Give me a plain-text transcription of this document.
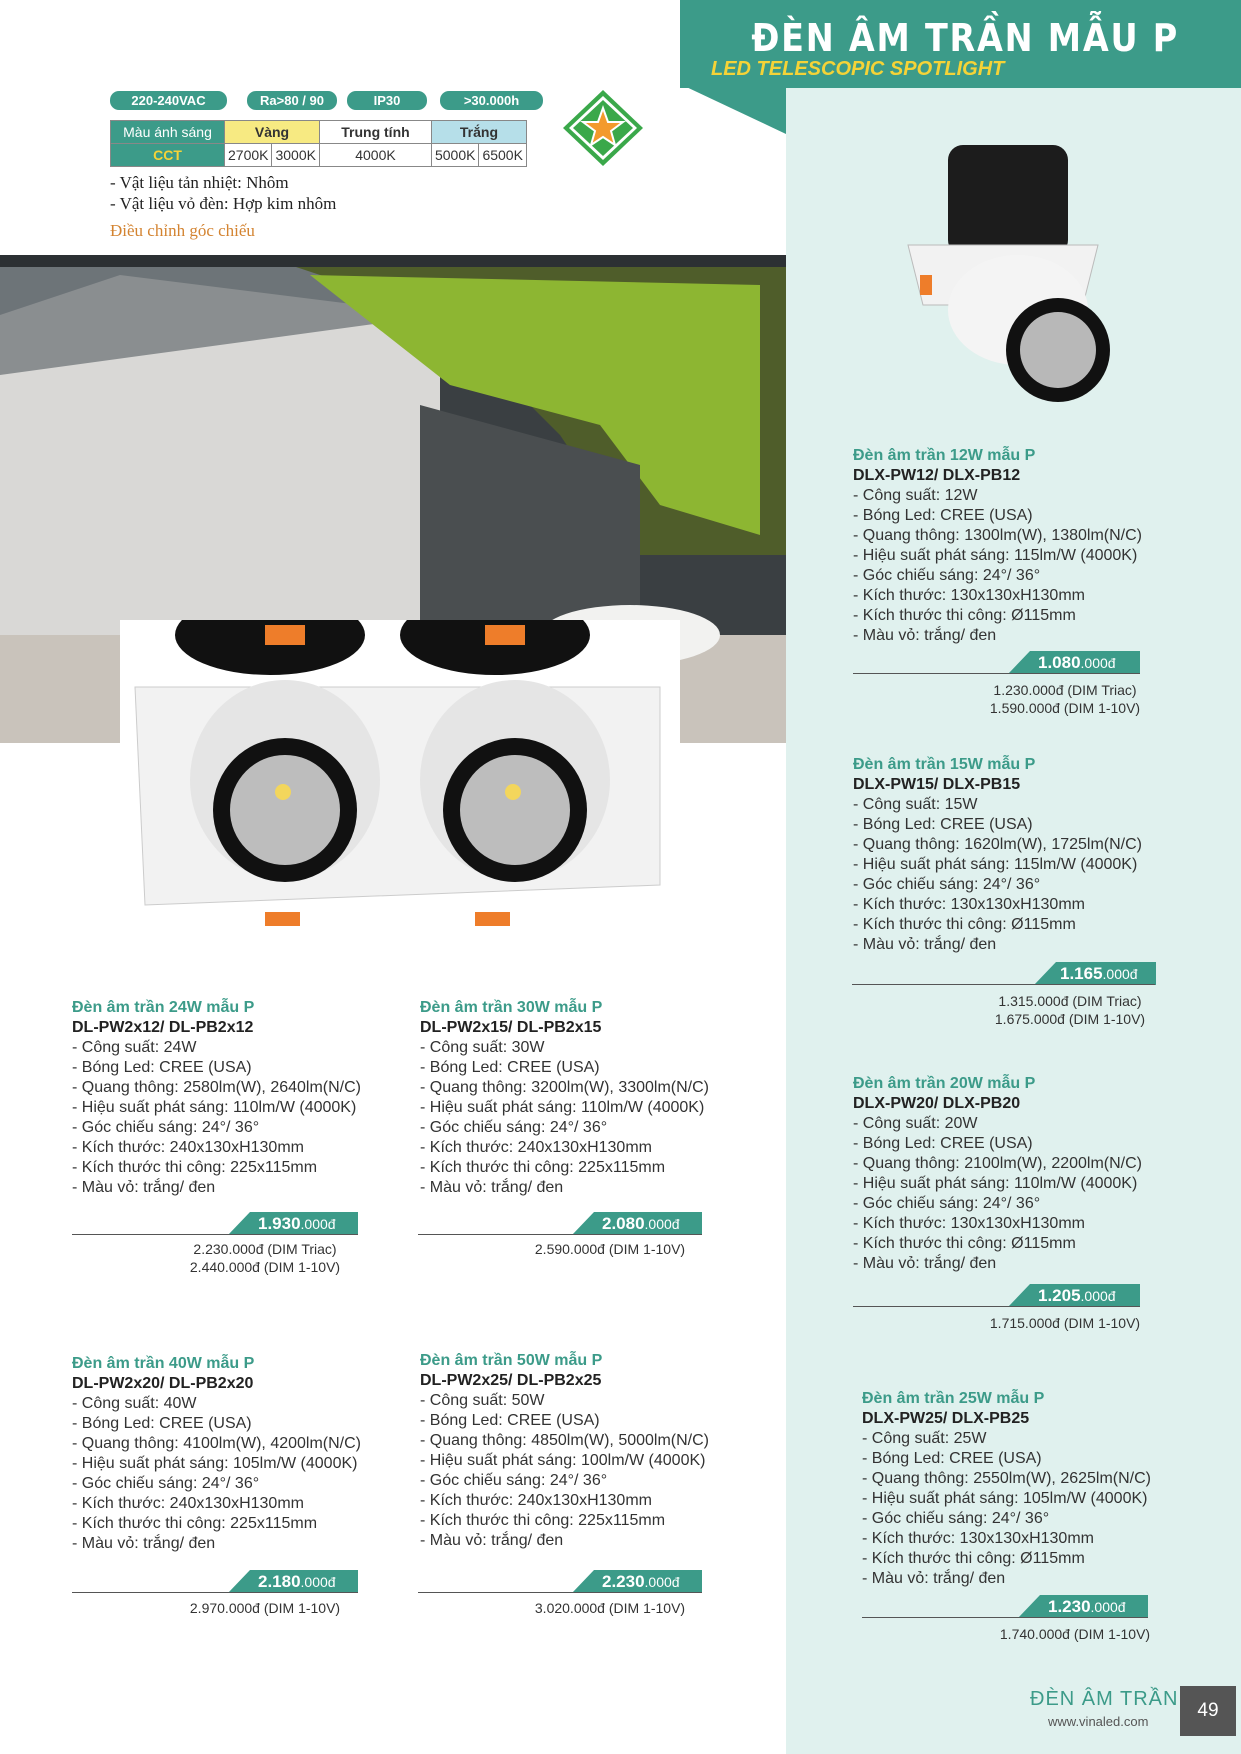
ĐÈN ÂM TRẦN MẪU P
LED TELESCOPIC SPOTLIGHT
220-240VAC	Ra>80 / 90	IP30	>30.000h
Màu ánh sáng	Vàng		Trung tính	Trắng	
CCT	2700K	3000K	4000K	5000K	6500K
- Vật liệu tản nhiệt: Nhôm
- Vật liệu vỏ đèn: Hợp kim nhôm
Điều chỉnh góc chiếu
Đèn âm trần 12W mẫu P
DLX-PW12/ DLX-PB12
- Công suất: 12W
- Bóng Led: CREE (USA)
- Quang thông: 1300lm(W), 1380lm(N/C)
- Hiệu suất phát sáng: 115lm/W (4000K)
- Góc chiếu sáng: 24°/ 36°
- Kích thước: 130x130xH130mm
- Kích thước thi công: Ø115mm
- Màu vỏ: trắng/ đen
1.080.000đ
1.230.000đ (DIM Triac)
1.590.000đ (DIM 1-10V)
Đèn âm trần 15W mẫu P
DLX-PW15/ DLX-PB15
- Công suất: 15W
- Bóng Led: CREE (USA)
- Quang thông: 1620lm(W), 1725lm(N/C)
- Hiệu suất phát sáng: 115lm/W (4000K)
- Góc chiếu sáng: 24°/ 36°
- Kích thước: 130x130xH130mm
- Kích thước thi công: Ø115mm
- Màu vỏ: trắng/ đen
1.165.000đ
1.315.000đ (DIM Triac)
1.675.000đ (DIM 1-10V)
Đèn âm trần 20W mẫu P
DLX-PW20/ DLX-PB20
- Công suất: 20W
- Bóng Led: CREE (USA)
- Quang thông: 2100lm(W), 2200lm(N/C)
- Hiệu suất phát sáng: 110lm/W (4000K)
- Góc chiếu sáng: 24°/ 36°
- Kích thước: 130x130xH130mm
- Kích thước thi công: Ø115mm
- Màu vỏ: trắng/ đen
1.205.000đ
1.715.000đ (DIM 1-10V)
Đèn âm trần 25W mẫu P
DLX-PW25/ DLX-PB25
- Công suất: 25W
- Bóng Led: CREE (USA)
- Quang thông: 2550lm(W), 2625lm(N/C)
- Hiệu suất phát sáng: 105lm/W (4000K)
- Góc chiếu sáng: 24°/ 36°
- Kích thước: 130x130xH130mm
- Kích thước thi công: Ø115mm
- Màu vỏ: trắng/ đen
1.230.000đ
1.740.000đ (DIM 1-10V)
Đèn âm trần 24W mẫu P
DL-PW2x12/ DL-PB2x12
- Công suất: 24W
- Bóng Led: CREE (USA)
- Quang thông: 2580lm(W), 2640lm(N/C)
- Hiệu suất phát sáng: 110lm/W (4000K)
- Góc chiếu sáng: 24°/ 36°
- Kích thước: 240x130xH130mm
- Kích thước thi công: 225x115mm
- Màu vỏ: trắng/ đen
1.930.000đ
2.230.000đ (DIM Triac)
2.440.000đ (DIM 1-10V)
Đèn âm trần 30W mẫu P
DL-PW2x15/ DL-PB2x15
- Công suất: 30W
- Bóng Led: CREE (USA)
- Quang thông: 3200lm(W), 3300lm(N/C)
- Hiệu suất phát sáng: 110lm/W (4000K)
- Góc chiếu sáng: 24°/ 36°
- Kích thước: 240x130xH130mm
- Kích thước thi công: 225x115mm
- Màu vỏ: trắng/ đen
2.080.000đ
2.590.000đ (DIM 1-10V)
Đèn âm trần 40W mẫu P
DL-PW2x20/ DL-PB2x20
- Công suất: 40W
- Bóng Led: CREE (USA)
- Quang thông: 4100lm(W), 4200lm(N/C)
- Hiệu suất phát sáng: 105lm/W (4000K)
- Góc chiếu sáng: 24°/ 36°
- Kích thước: 240x130xH130mm
- Kích thước thi công: 225x115mm
- Màu vỏ: trắng/ đen
2.180.000đ
2.970.000đ (DIM 1-10V)
Đèn âm trần 50W mẫu P
DL-PW2x25/ DL-PB2x25
- Công suất: 50W
- Bóng Led: CREE (USA)
- Quang thông: 4850lm(W), 5000lm(N/C)
- Hiệu suất phát sáng: 100lm/W (4000K)
- Góc chiếu sáng: 24°/ 36°
- Kích thước: 240x130xH130mm
- Kích thước thi công: 225x115mm
- Màu vỏ: trắng/ đen
2.230.000đ
3.020.000đ (DIM 1-10V)
ĐÈN ÂM TRẦN
www.vinaled.com
49
